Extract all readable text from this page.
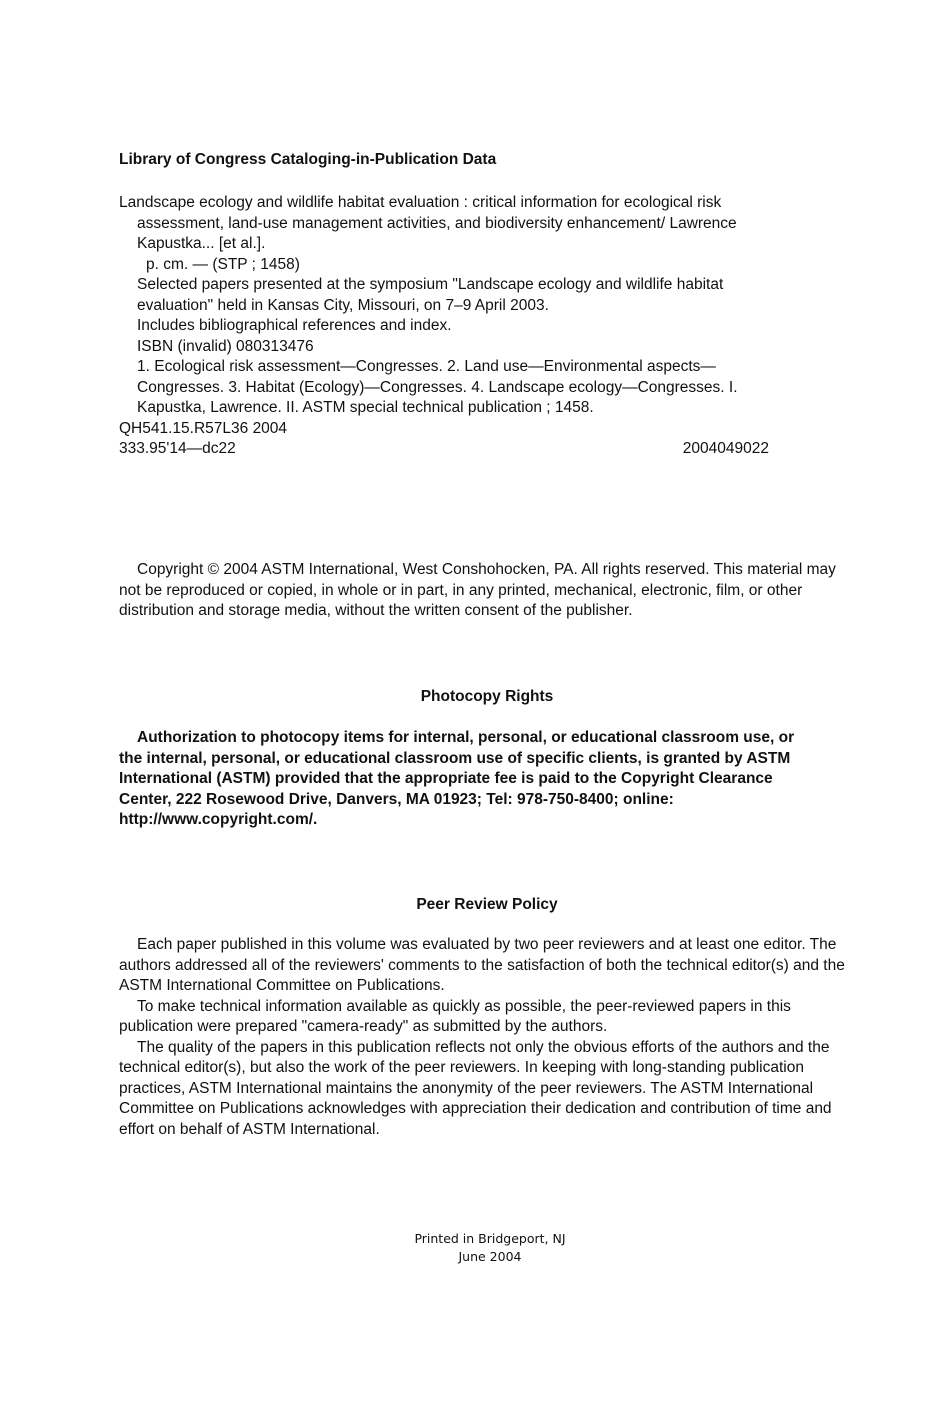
Library of Congress Cataloging-in-Publication Data

Landscape ecology and wildlife habitat evaluation : critical information for ecological risk assessment, land-use management activities, and biodiversity enhancement/ Lawrence Kapustka... [et al.].

p. cm. — (STP ; 1458)

Selected papers presented at the symposium "Landscape ecology and wildlife habitat evaluation" held in Kansas City, Missouri, on 7–9 April 2003.

Includes bibliographical references and index.

ISBN (invalid) 080313476

1. Ecological risk assessment—Congresses. 2. Land use—Environmental aspects—Congresses. 3. Habitat (Ecology)—Congresses. 4. Landscape ecology—Congresses. I. Kapustka, Lawrence. II. ASTM special technical publication ; 1458.

QH541.15.R57L36 2004

333.95'14—dc22	2004049022

Copyright © 2004 ASTM International, West Conshohocken, PA. All rights reserved. This material may not be reproduced or copied, in whole or in part, in any printed, mechanical, electronic, film, or other distribution and storage media, without the written consent of the publisher.

Photocopy Rights

Authorization to photocopy items for internal, personal, or educational classroom use, or the internal, personal, or educational classroom use of specific clients, is granted by ASTM International (ASTM) provided that the appropriate fee is paid to the Copyright Clearance Center, 222 Rosewood Drive, Danvers, MA 01923; Tel: 978-750-8400; online: http://www.copyright.com/.

Peer Review Policy

Each paper published in this volume was evaluated by two peer reviewers and at least one editor. The authors addressed all of the reviewers' comments to the satisfaction of both the technical editor(s) and the ASTM International Committee on Publications.

To make technical information available as quickly as possible, the peer-reviewed papers in this publication were prepared "camera-ready" as submitted by the authors.

The quality of the papers in this publication reflects not only the obvious efforts of the authors and the technical editor(s), but also the work of the peer reviewers. In keeping with long-standing publication practices, ASTM International maintains the anonymity of the peer reviewers. The ASTM International Committee on Publications acknowledges with appreciation their dedication and contribution of time and effort on behalf of ASTM International.

Printed in Bridgeport, NJ
June 2004
